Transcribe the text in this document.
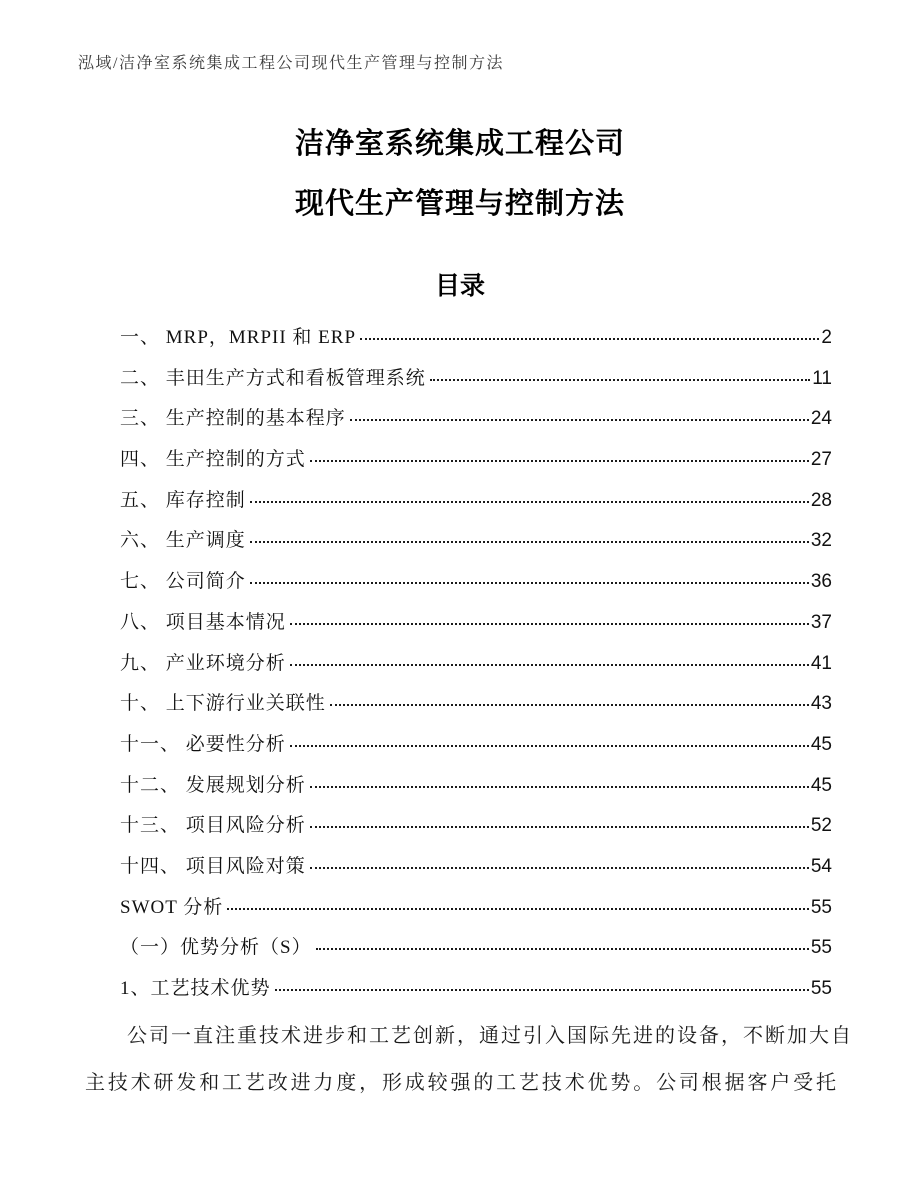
泓域/洁净室系统集成工程公司现代生产管理与控制方法
洁净室系统集成工程公司
现代生产管理与控制方法
目录
一、 MRP，MRPII 和 ERP	2
二、 丰田生产方式和看板管理系统	11
三、 生产控制的基本程序	24
四、 生产控制的方式	27
五、 库存控制	28
六、 生产调度	32
七、 公司简介	36
八、 项目基本情况	37
九、 产业环境分析	41
十、 上下游行业关联性	43
十一、 必要性分析	45
十二、 发展规划分析	45
十三、 项目风险分析	52
十四、 项目风险对策	54
SWOT 分析	55
（一）优势分析（S）	55
1、工艺技术优势	55
公司一直注重技术进步和工艺创新，通过引入国际先进的设备，不断加大自
主技术研发和工艺改进力度，形成较强的工艺技术优势。公司根据客户受托
